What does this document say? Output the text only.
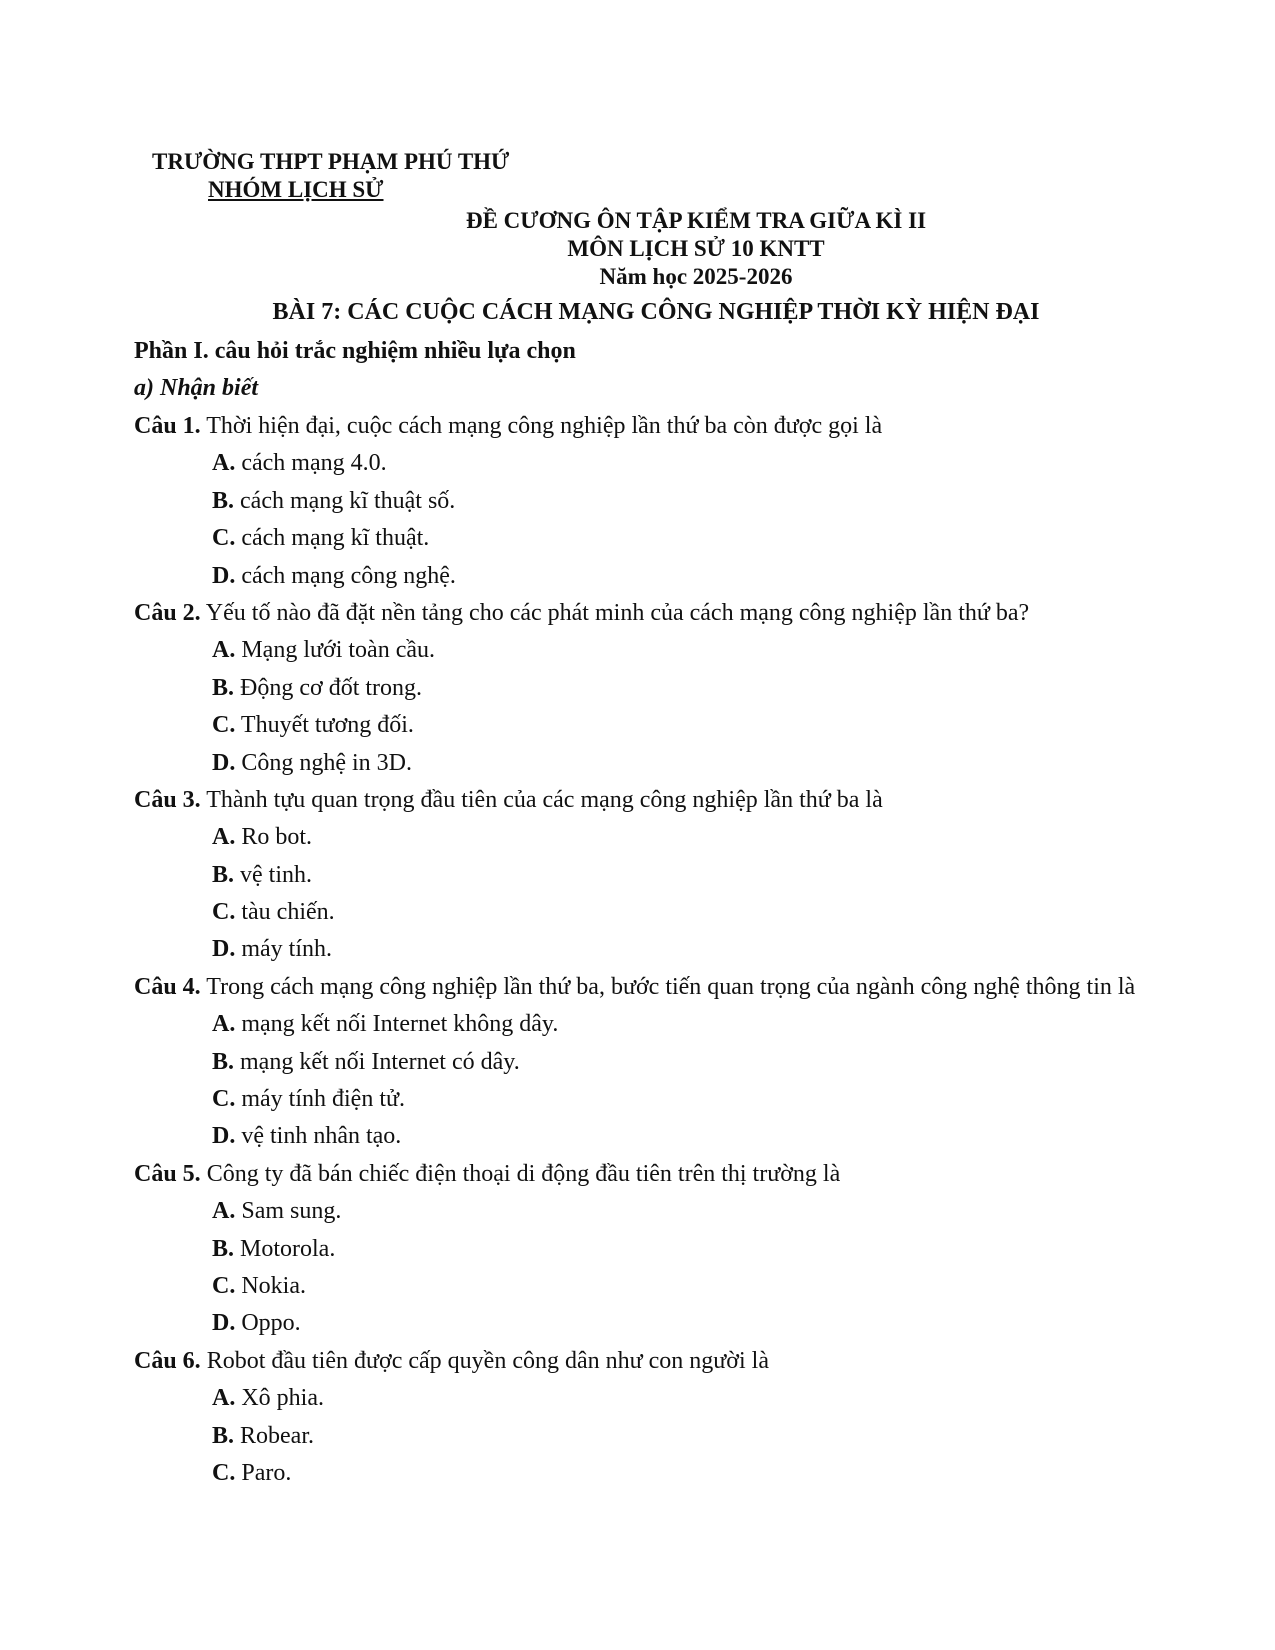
TRƯỜNG THPT PHẠM PHÚ THỨ
NHÓM LỊCH SỬ
ĐỀ CƯƠNG ÔN TẬP KIỂM TRA GIỮA KÌ II
MÔN LỊCH SỬ 10 KNTT
Năm học 2025-2026
BÀI 7: CÁC CUỘC CÁCH MẠNG CÔNG NGHIỆP THỜI KỲ HIỆN ĐẠI
Phần I. câu hỏi trắc nghiệm nhiều lựa chọn
a) Nhận biết
Câu 1. Thời hiện đại, cuộc cách mạng công nghiệp lần thứ ba còn được gọi là
A. cách mạng 4.0.
B. cách mạng kĩ thuật số.
C. cách mạng kĩ thuật.
D. cách mạng công nghệ.
Câu 2. Yếu tố nào đã đặt nền tảng cho các phát minh của cách mạng công nghiệp lần thứ ba?
A. Mạng lưới toàn cầu.
B. Động cơ đốt trong.
C. Thuyết tương đối.
D. Công nghệ in 3D.
Câu 3. Thành tựu quan trọng đầu tiên của các mạng công nghiệp lần thứ ba là
A. Ro bot.
B. vệ tinh.
C. tàu chiến.
D. máy tính.
Câu 4. Trong cách mạng công nghiệp lần thứ ba, bước tiến quan trọng của ngành công nghệ thông tin là
A. mạng kết nối Internet không dây.
B. mạng kết nối Internet có dây.
C. máy tính điện tử.
D. vệ tinh nhân tạo.
Câu 5. Công ty đã bán chiếc điện thoại di động đầu tiên trên thị trường là
A. Sam sung.
B. Motorola.
C. Nokia.
D. Oppo.
Câu 6. Robot đầu tiên được cấp quyền công dân như con người là
A. Xô phia.
B. Robear.
C. Paro.
